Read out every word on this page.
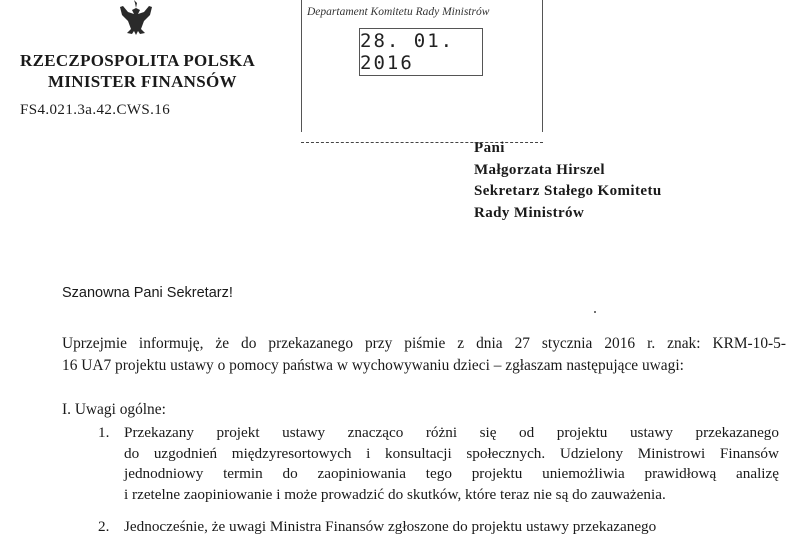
RZECZPOSPOLITA POLSKA
MINISTER FINANSÓW
FS4.021.3a.42.CWS.16
Departament Komitetu Rady Ministrów
28. 01. 2016
Pani
Małgorzata Hirszel
Sekretarz Stałego Komitetu
Rady Ministrów
Szanowna Pani Sekretarz!
Uprzejmie informuję, że do przekazanego przy piśmie z dnia 27 stycznia 2016 r. znak: KRM-10-5-
16 UA7 projektu ustawy o pomocy państwa w wychowywaniu dzieci – zgłaszam następujące uwagi:
I. Uwagi ogólne:
1. Przekazany projekt ustawy znacząco różni się od projektu ustawy przekazanego
do uzgodnień międzyresortowych i konsultacji społecznych. Udzielony Ministrowi Finansów
jednodniowy termin do zaopiniowania tego projektu uniemożliwia prawidłową analizę
i rzetelne zaopiniowanie i może prowadzić do skutków, które teraz nie są do zauważenia.
2. Jednocześnie, że uwagi Ministra Finansów zgłoszone do projektu ustawy przekazanego
